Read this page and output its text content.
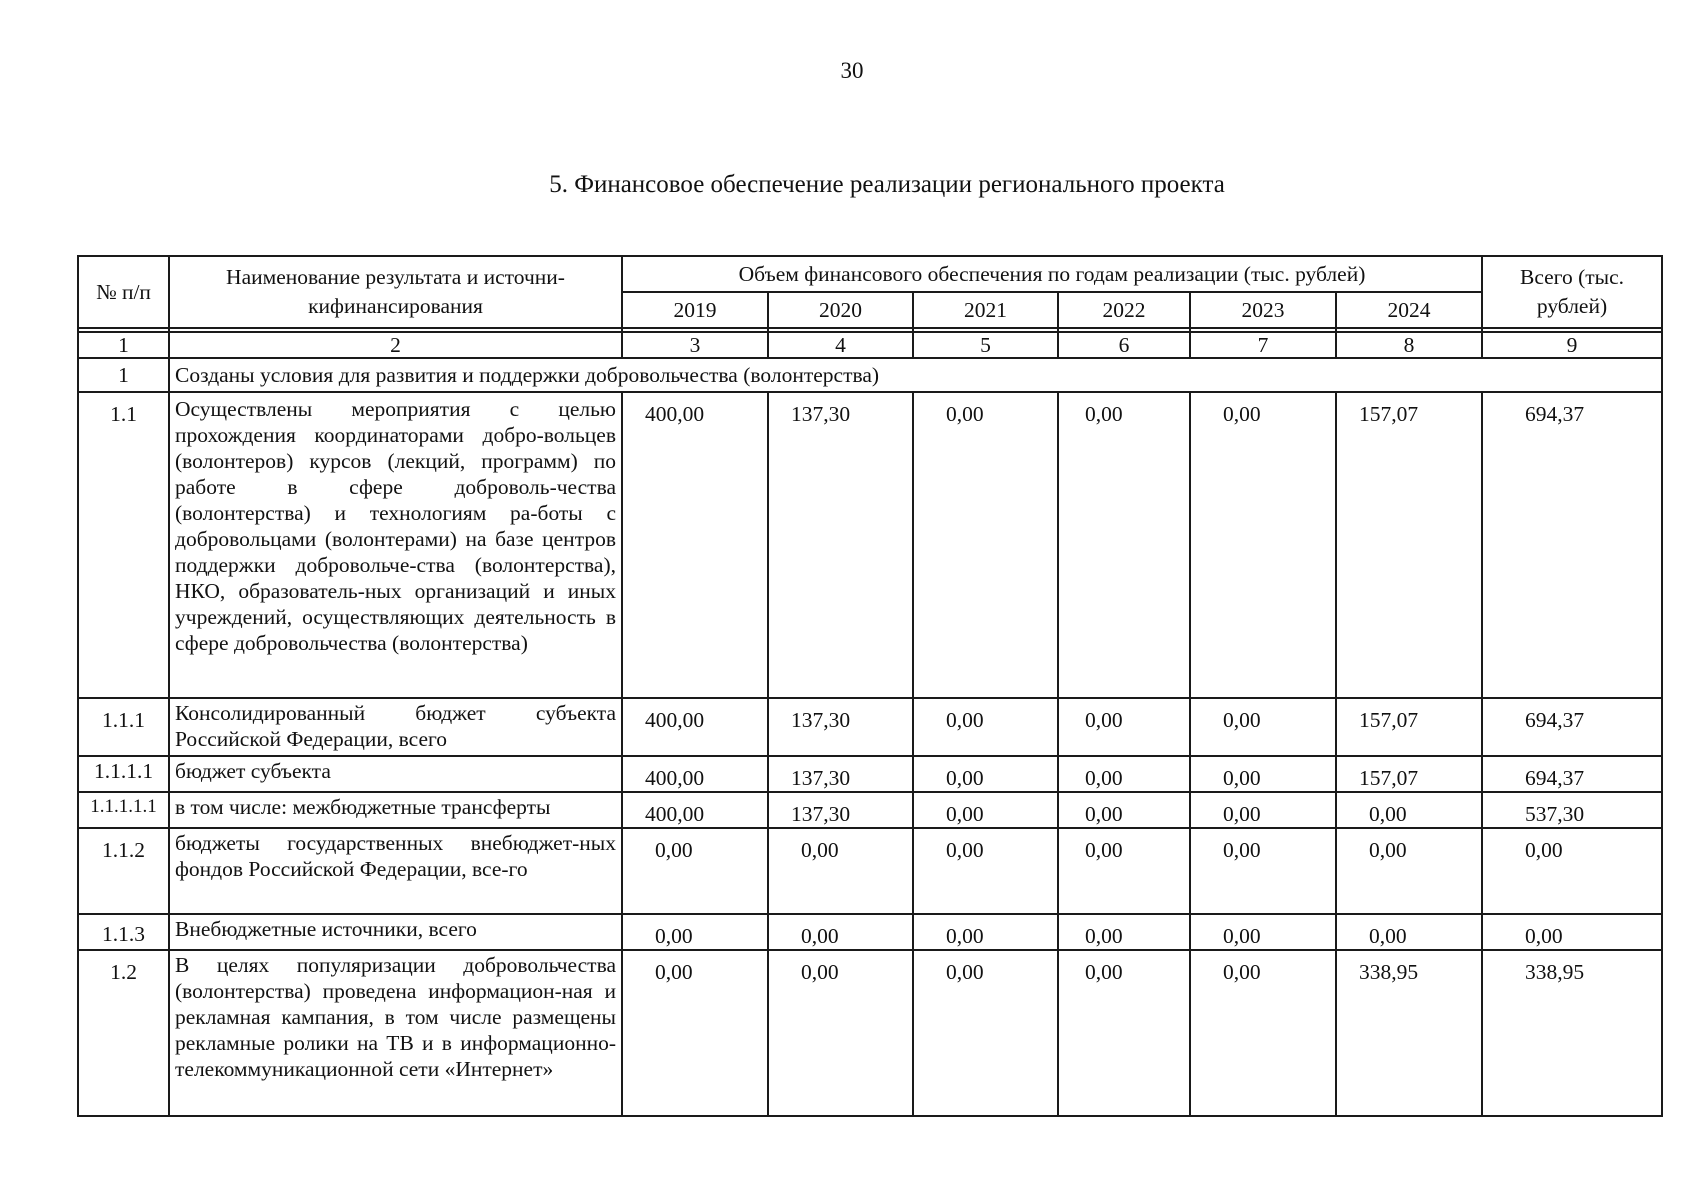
30
5. Финансовое обеспечение реализации регионального проекта
№ п/п	Наименование результата и источни-кифинансирования	Объем финансового обеспечения по годам реализации (тыс. рублей)						Всего (тыс. рублей)
		2019	2020	2021	2022	2023	2024	

1	2	3	4	5	6	7	8	9
1	Созданы условия для развития и поддержки добровольчества (волонтерства)							
1.1	Осуществлены мероприятия с целью прохождения координаторами добро-вольцев (волонтеров) курсов (лекций, программ) по работе в сфере доброволь-чества (волонтерства) и технологиям ра-боты с добровольцами (волонтерами) на базе центров поддержки добровольче-ства (волонтерства), НКО, образователь-ных организаций и иных учреждений, осуществляющих деятельность в сфере добровольчества (волонтерства)	400,00	137,30	0,00	0,00	0,00	157,07	694,37
1.1.1	Консолидированный бюджет субъекта Российской Федерации, всего	400,00	137,30	0,00	0,00	0,00	157,07	694,37
1.1.1.1	бюджет субъекта	400,00	137,30	0,00	0,00	0,00	157,07	694,37
1.1.1.1.1	в том числе: межбюджетные трансферты	400,00	137,30	0,00	0,00	0,00	0,00	537,30
1.1.2	бюджеты государственных внебюджет-ных фондов Российской Федерации, все-го	0,00	0,00	0,00	0,00	0,00	0,00	0,00
1.1.3	Внебюджетные источники, всего	0,00	0,00	0,00	0,00	0,00	0,00	0,00
1.2	В целях популяризации добровольчества (волонтерства) проведена информацион-ная и рекламная кампания, в том числе размещены рекламные ролики на ТВ и в информационно-телекоммуникационной сети «Интернет»	0,00	0,00	0,00	0,00	0,00	338,95	338,95
